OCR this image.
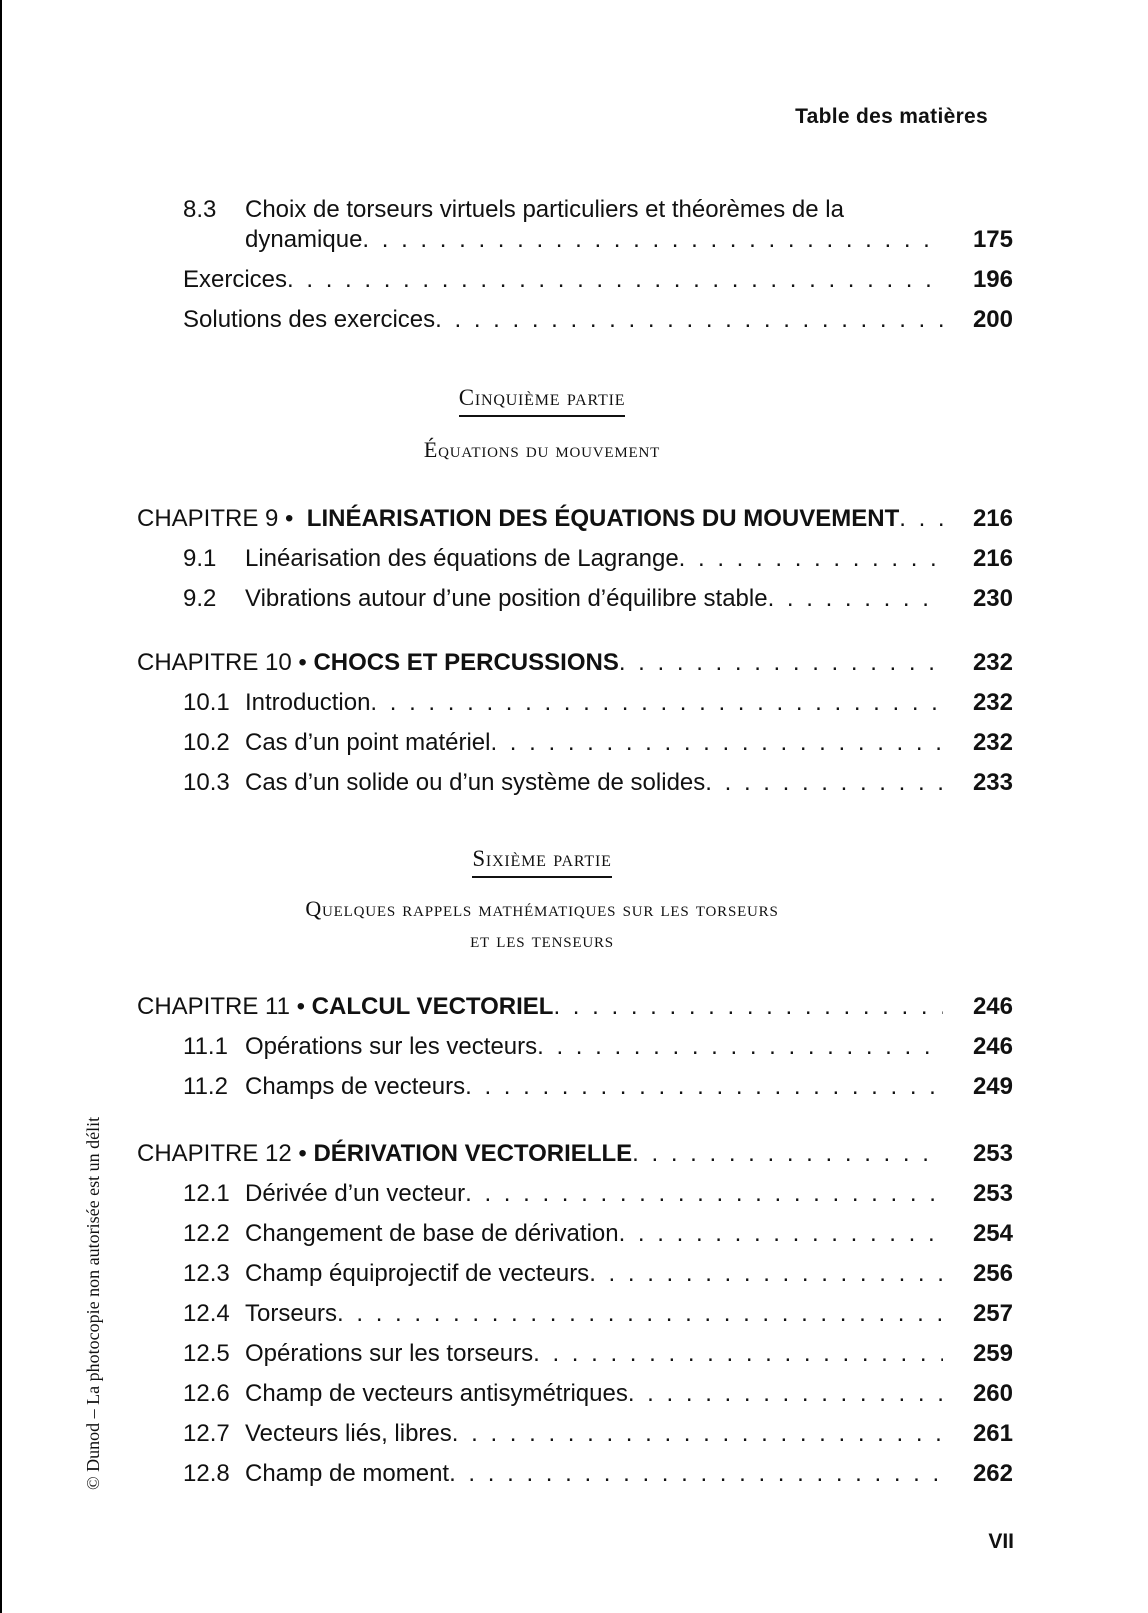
Table des matières
8.3	Choix de torseurs virtuels particuliers et théorèmes de la
dynamique . . .	175
Exercices . . .	196
Solutions des exercices . . .	200
Cinquième partie
Équations du mouvement
CHAPITRE 9 •
LINÉARISATION DES ÉQUATIONS DU MOUVEMENT . . .	216
9.1	Linéarisation des équations de Lagrange . . .	216
9.2	Vibrations autour d’une position d’équilibre stable . . .	230
CHAPITRE 10 •
CHOCS ET PERCUSSIONS . . .	232
10.1 Introduction . . .	232
10.2 Cas d’un point matériel . . .	232
10.3 Cas d’un solide ou d’un système de solides . . .	233
Sixième partie
Quelques rappels mathématiques sur les torseurs
et les tenseurs
CHAPITRE 11 •
CALCUL VECTORIEL . . .	246
11.1 Opérations sur les vecteurs . . .	246
11.2 Champs de vecteurs . . .	249
CHAPITRE 12 •
DÉRIVATION VECTORIELLE . . .	253
12.1 Dérivée d’un vecteur . . .	253
12.2 Changement de base de dérivation . . .	254
12.3 Champ équiprojectif de vecteurs . . .	256
12.4 Torseurs . . .	257
12.5 Opérations sur les torseurs . . .	259
12.6 Champ de vecteurs antisymétriques . . .	260
12.7 Vecteurs liés, libres . . .	261
12.8 Champ de moment . . .	262
© Dunod – La photocopie non autorisée est un délit
VII
